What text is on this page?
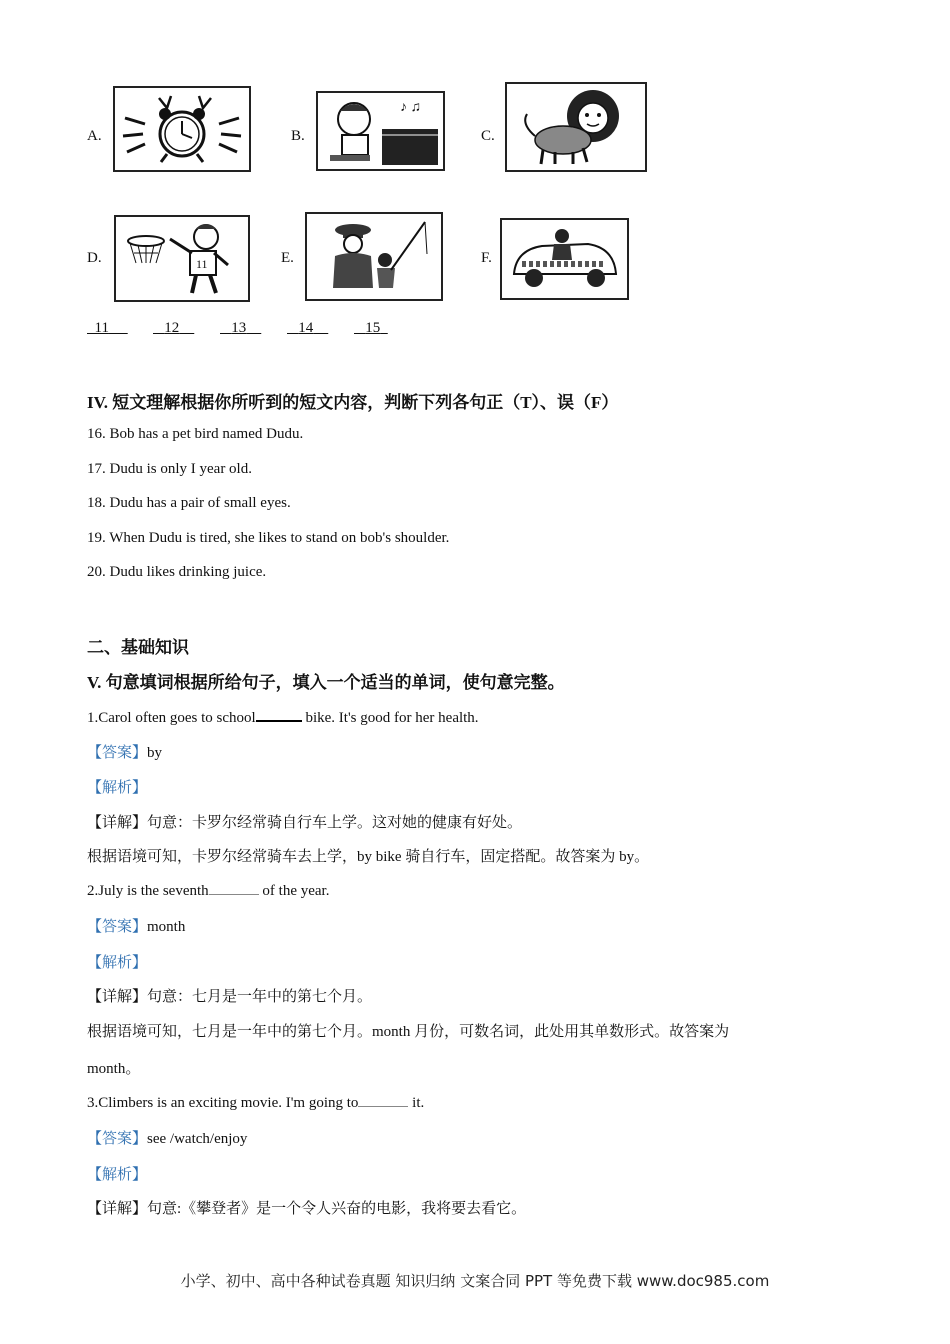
A.	B.
♪ ♫
C.
D.	11	E.	F.
11	12	13	14	15
IV. 短文理解根据你所听到的短文内容，判断下列各句正（T）、误（F）
16. Bob has a pet bird named Dudu.
17. Dudu is only I year old.
18. Dudu has a pair of small eyes.
19. When Dudu is tired, she likes to stand on bob's shoulder.
20. Dudu likes drinking juice.
二、基础知识
V. 句意填词根据所给句子，填入一个适当的单词，使句意完整。
1.Carol often goes to school	bike. It's good for her health.
【答案】by
【解析】
【详解】句意：卡罗尔经常骑自行车上学。这对她的健康有好处。
根据语境可知，卡罗尔经常骑车去上学，by bike 骑自行车，固定搭配。故答案为 by。
2.July is the seventh	of the year.
【答案】month
【解析】
【详解】句意：七月是一年中的第七个月。
根据语境可知，七月是一年中的第七个月。month 月份，可数名词，此处用其单数形式。故答案为
month。
3.Climbers is an exciting movie. I'm going to	it.
【答案】see /watch/enjoy
【解析】
【详解】句意:《攀登者》是一个令人兴奋的电影，我将要去看它。
小学、初中、高中各种试卷真题 知识归纳 文案合同 PPT 等免费下载 www.doc985.com
